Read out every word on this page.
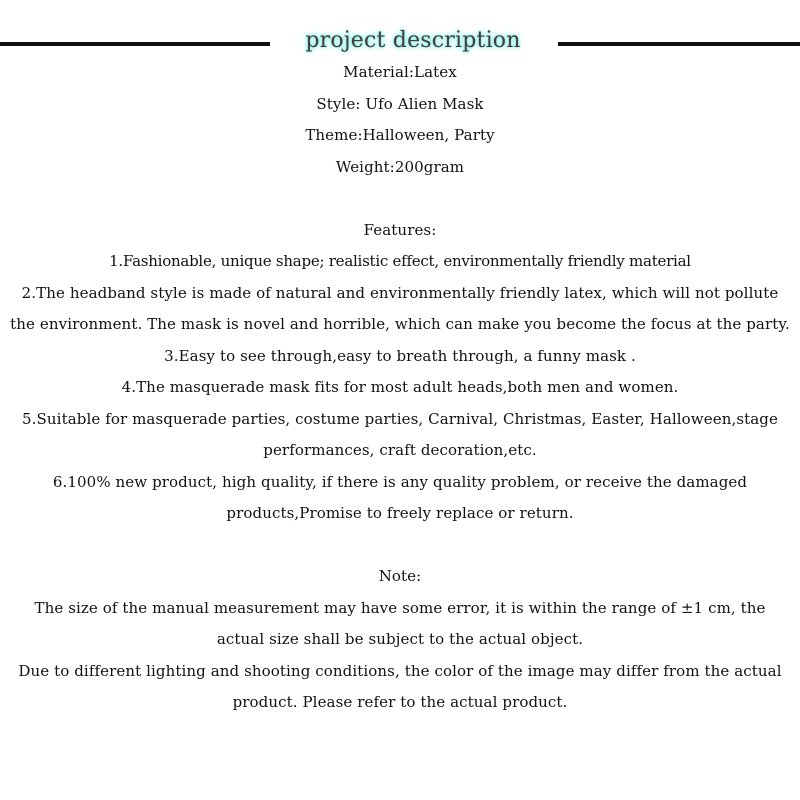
project description

Material:Latex

Style: Ufo Alien Mask

Theme:Halloween, Party

Weight:200gram

Features:

1.Fashionable, unique shape; realistic effect, environmentally friendly material

2.The headband style is made of natural and environmentally friendly latex, which will not pollute the environment. The mask is novel and horrible, which can make you become the focus at the party.

3.Easy to see through,easy to breath through, a funny mask .

4.The masquerade mask fits for most adult heads,both men and women.

5.Suitable for masquerade parties, costume parties, Carnival, Christmas, Easter, Halloween,stage performances, craft decoration,etc.

6.100% new product, high quality, if there is any quality problem, or receive the damaged products,Promise to freely replace or return.

Note:

The size of the manual measurement may have some error, it is within the range of ±1 cm, the actual size shall be subject to the actual object.

Due to different lighting and shooting conditions, the color of the image may differ from the actual product. Please refer to the actual product.
